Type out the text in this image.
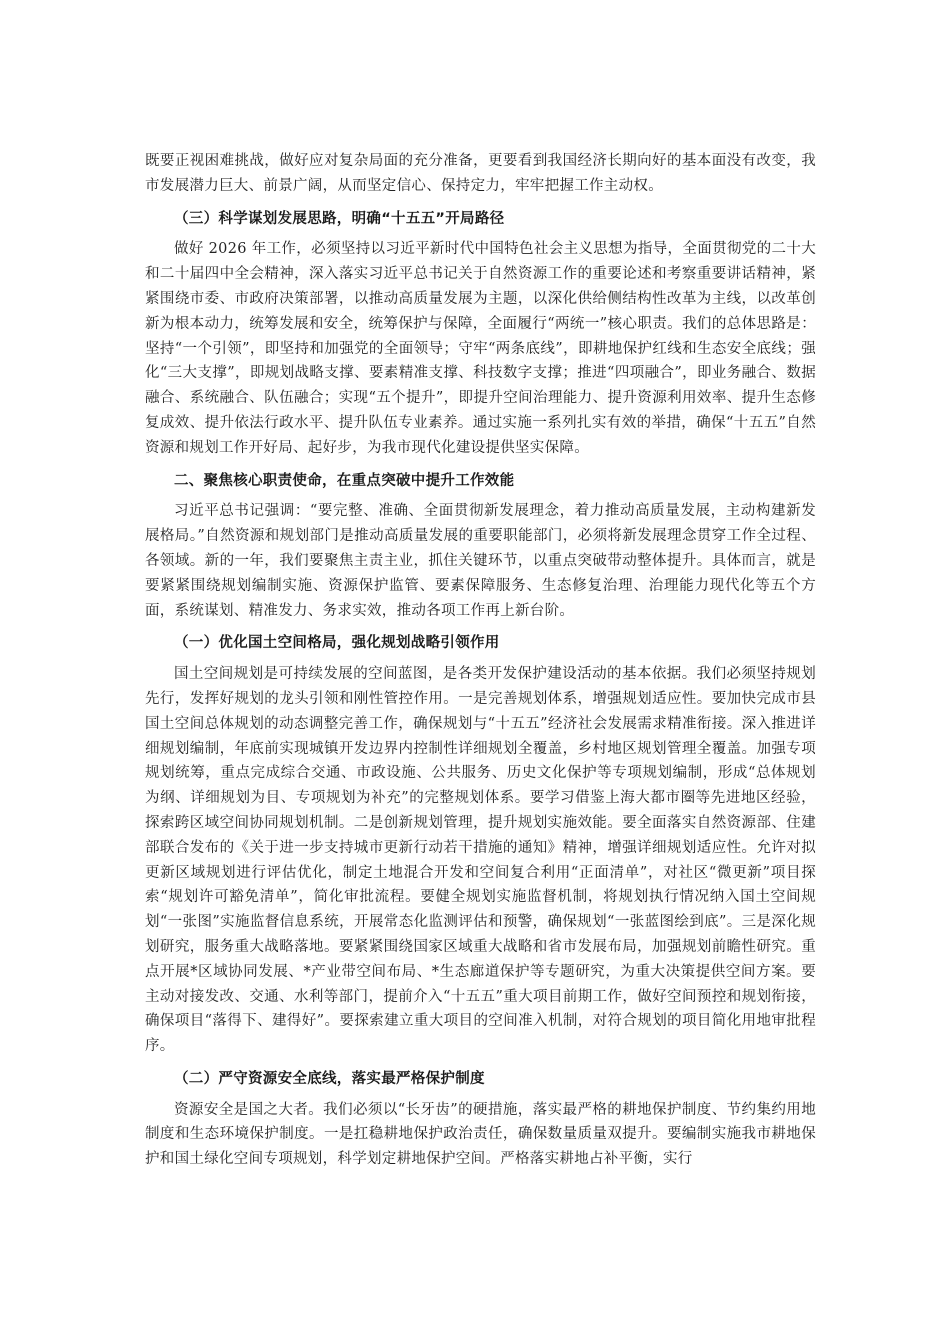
既要正视困难挑战，做好应对复杂局面的充分准备，更要看到我国经济长期向好的基本面没有改变，我市发展潜力巨大、前景广阔，从而坚定信心、保持定力，牢牢把握工作主动权。

（三）科学谋划发展思路，明确“十五五”开局路径

做好 2026 年工作，必须坚持以习近平新时代中国特色社会主义思想为指导，全面贯彻党的二十大和二十届四中全会精神，深入落实习近平总书记关于自然资源工作的重要论述和考察重要讲话精神，紧紧围绕市委、市政府决策部署，以推动高质量发展为主题，以深化供给侧结构性改革为主线，以改革创新为根本动力，统筹发展和安全，统筹保护与保障，全面履行“两统一”核心职责。我们的总体思路是：坚持“一个引领”，即坚持和加强党的全面领导；守牢“两条底线”，即耕地保护红线和生态安全底线；强化“三大支撑”，即规划战略支撑、要素精准支撑、科技数字支撑；推进“四项融合”，即业务融合、数据融合、系统融合、队伍融合；实现“五个提升”，即提升空间治理能力、提升资源利用效率、提升生态修复成效、提升依法行政水平、提升队伍专业素养。通过实施一系列扎实有效的举措，确保“十五五”自然资源和规划工作开好局、起好步，为我市现代化建设提供坚实保障。

二、聚焦核心职责使命，在重点突破中提升工作效能

习近平总书记强调：“要完整、准确、全面贯彻新发展理念，着力推动高质量发展，主动构建新发展格局。”自然资源和规划部门是推动高质量发展的重要职能部门，必须将新发展理念贯穿工作全过程、各领域。新的一年，我们要聚焦主责主业，抓住关键环节，以重点突破带动整体提升。具体而言，就是要紧紧围绕规划编制实施、资源保护监管、要素保障服务、生态修复治理、治理能力现代化等五个方面，系统谋划、精准发力、务求实效，推动各项工作再上新台阶。

（一）优化国土空间格局，强化规划战略引领作用

国土空间规划是可持续发展的空间蓝图，是各类开发保护建设活动的基本依据。我们必须坚持规划先行，发挥好规划的龙头引领和刚性管控作用。一是完善规划体系，增强规划适应性。要加快完成市县国土空间总体规划的动态调整完善工作，确保规划与“十五五”经济社会发展需求精准衔接。深入推进详细规划编制，年底前实现城镇开发边界内控制性详细规划全覆盖，乡村地区规划管理全覆盖。加强专项规划统筹，重点完成综合交通、市政设施、公共服务、历史文化保护等专项规划编制，形成“总体规划为纲、详细规划为目、专项规划为补充”的完整规划体系。要学习借鉴上海大都市圈等先进地区经验，探索跨区域空间协同规划机制。二是创新规划管理，提升规划实施效能。要全面落实自然资源部、住建部联合发布的《关于进一步支持城市更新行动若干措施的通知》精神，增强详细规划适应性。允许对拟更新区域规划进行评估优化，制定土地混合开发和空间复合利用“正面清单”，对社区“微更新”项目探索“规划许可豁免清单”，简化审批流程。要健全规划实施监督机制，将规划执行情况纳入国土空间规划“一张图”实施监督信息系统，开展常态化监测评估和预警，确保规划“一张蓝图绘到底”。三是深化规划研究，服务重大战略落地。要紧紧围绕国家区域重大战略和省市发展布局，加强规划前瞻性研究。重点开展*区域协同发展、*产业带空间布局、*生态廊道保护等专题研究，为重大决策提供空间方案。要主动对接发改、交通、水利等部门，提前介入“十五五”重大项目前期工作，做好空间预控和规划衔接，确保项目“落得下、建得好”。要探索建立重大项目的空间准入机制，对符合规划的项目简化用地审批程序。

（二）严守资源安全底线，落实最严格保护制度

资源安全是国之大者。我们必须以“长牙齿”的硬措施，落实最严格的耕地保护制度、节约集约用地制度和生态环境保护制度。一是扛稳耕地保护政治责任，确保数量质量双提升。要编制实施我市耕地保护和国土绿化空间专项规划，科学划定耕地保护空间。严格落实耕地占补平衡，实行
